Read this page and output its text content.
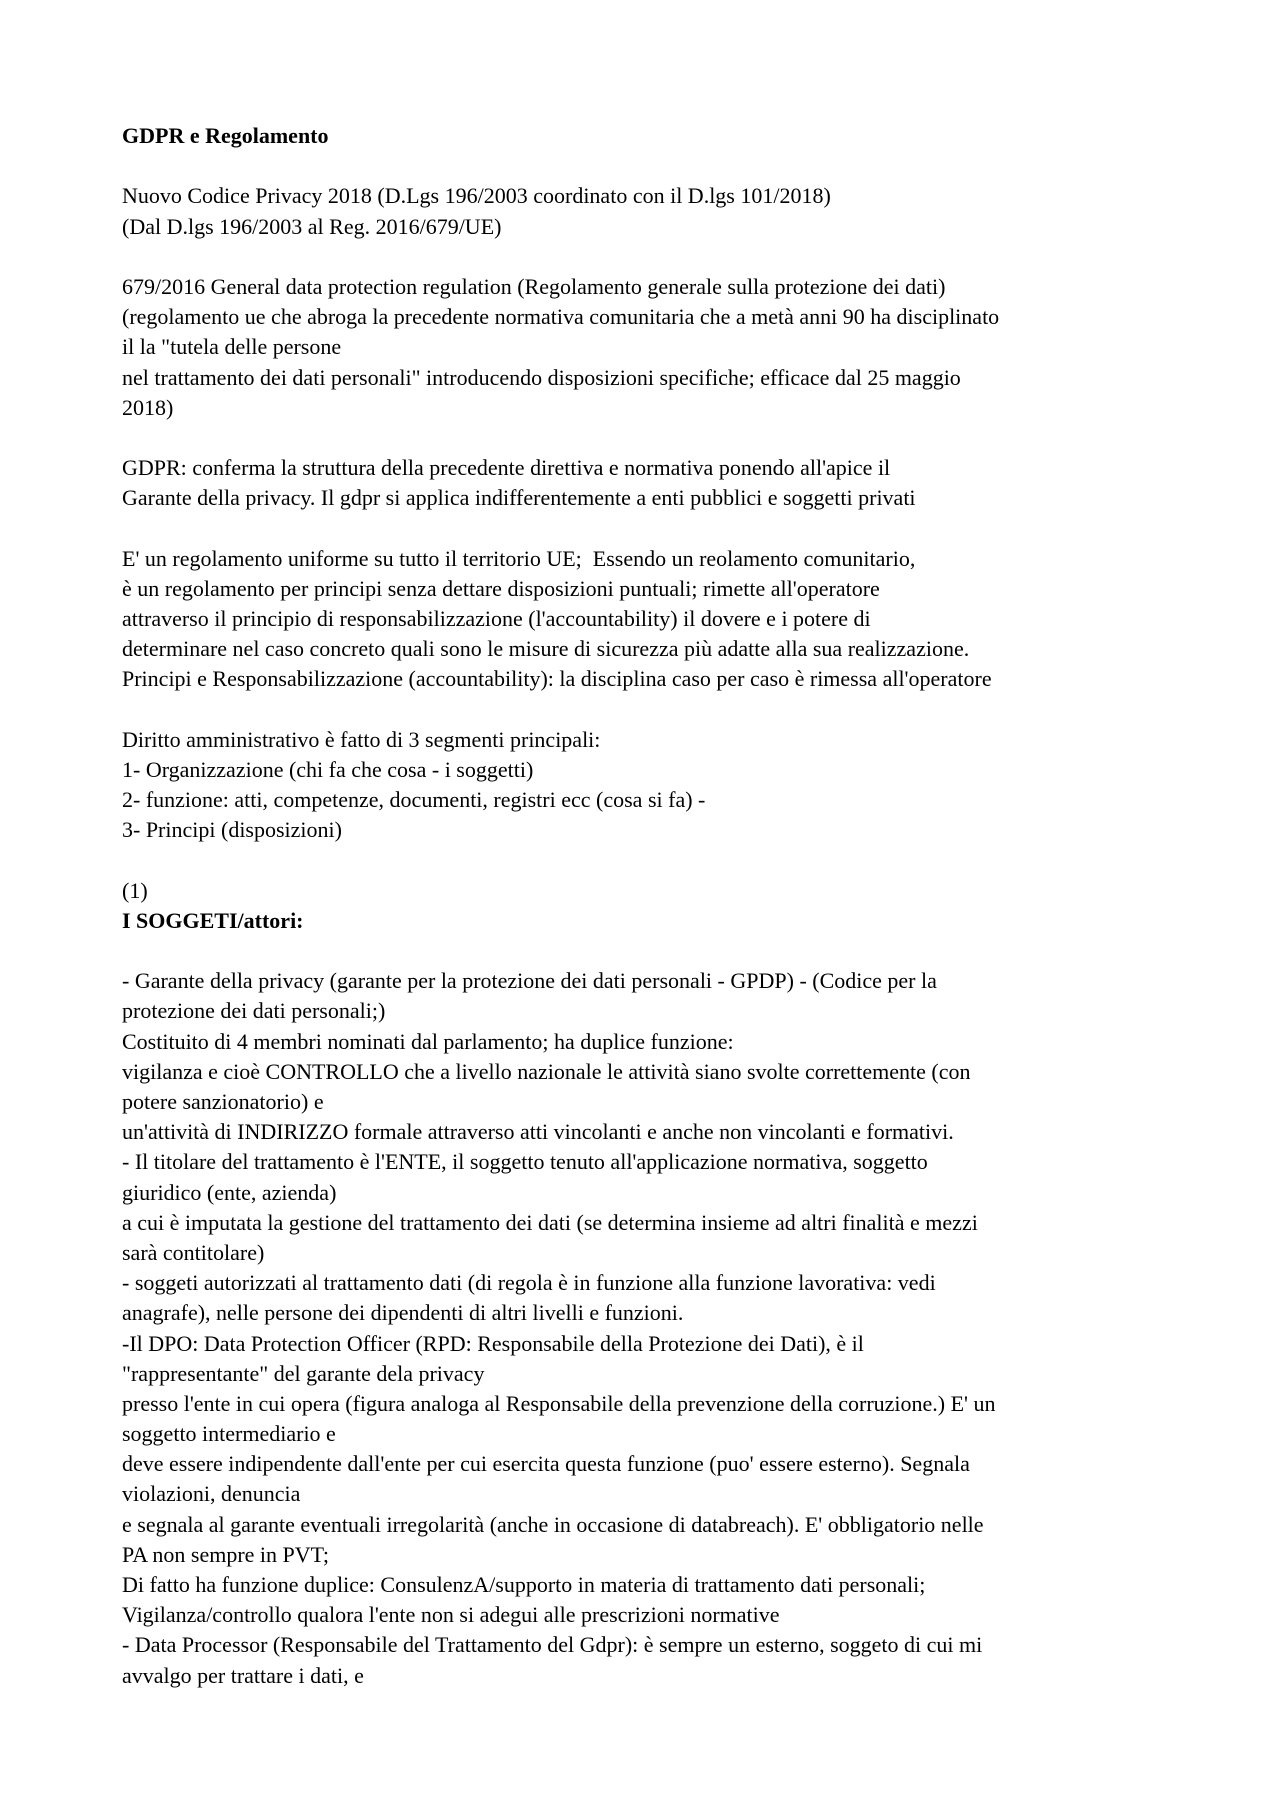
GDPR e Regolamento
Nuovo Codice Privacy 2018 (D.Lgs 196/2003 coordinato con il D.lgs 101/2018)
(Dal D.lgs 196/2003 al Reg. 2016/679/UE)
679/2016 General data protection regulation (Regolamento generale sulla protezione dei dati)
(regolamento ue che abroga la precedente normativa comunitaria che a metà anni 90 ha disciplinato
il la "tutela delle persone
nel trattamento dei dati personali" introducendo disposizioni specifiche; efficace dal 25 maggio
2018)
GDPR: conferma la struttura della precedente direttiva e normativa ponendo all'apice il
Garante della privacy. Il gdpr si applica indifferentemente a enti pubblici e soggetti privati
E' un regolamento uniforme su tutto il territorio UE;  Essendo un reolamento comunitario,
è un regolamento per principi senza dettare disposizioni puntuali; rimette all'operatore
attraverso il principio di responsabilizzazione (l'accountability) il dovere e i potere di
determinare nel caso concreto quali sono le misure di sicurezza più adatte alla sua realizzazione.
Principi e Responsabilizzazione (accountability): la disciplina caso per caso è rimessa all'operatore
Diritto amministrativo è fatto di 3 segmenti principali:
1- Organizzazione (chi fa che cosa - i soggetti)
2- funzione: atti, competenze, documenti, registri ecc (cosa si fa) -
3- Principi (disposizioni)
(1)
I SOGGETI/attori:
- Garante della privacy (garante per la protezione dei dati personali - GPDP) - (Codice per la
protezione dei dati personali;)
Costituito di 4 membri nominati dal parlamento; ha duplice funzione:
vigilanza e cioè CONTROLLO che a livello nazionale le attività siano svolte correttemente (con
potere sanzionatorio) e
un'attività di INDIRIZZO formale attraverso atti vincolanti e anche non vincolanti e formativi.
- Il titolare del trattamento è l'ENTE, il soggetto tenuto all'applicazione normativa, soggetto
giuridico (ente, azienda)
a cui è imputata la gestione del trattamento dei dati (se determina insieme ad altri finalità e mezzi
sarà contitolare)
- soggeti autorizzati al trattamento dati (di regola è in funzione alla funzione lavorativa: vedi
anagrafe), nelle persone dei dipendenti di altri livelli e funzioni.
-Il DPO: Data Protection Officer (RPD: Responsabile della Protezione dei Dati), è il
"rappresentante" del garante dela privacy
presso l'ente in cui opera (figura analoga al Responsabile della prevenzione della corruzione.) E' un
soggetto intermediario e
deve essere indipendente dall'ente per cui esercita questa funzione (puo' essere esterno). Segnala
violazioni, denuncia
e segnala al garante eventuali irregolarità (anche in occasione di databreach). E' obbligatorio nelle
PA non sempre in PVT;
Di fatto ha funzione duplice: ConsulenzA/supporto in materia di trattamento dati personali;
Vigilanza/controllo qualora l'ente non si adegui alle prescrizioni normative
- Data Processor (Responsabile del Trattamento del Gdpr): è sempre un esterno, soggeto di cui mi
avvalgo per trattare i dati, e
